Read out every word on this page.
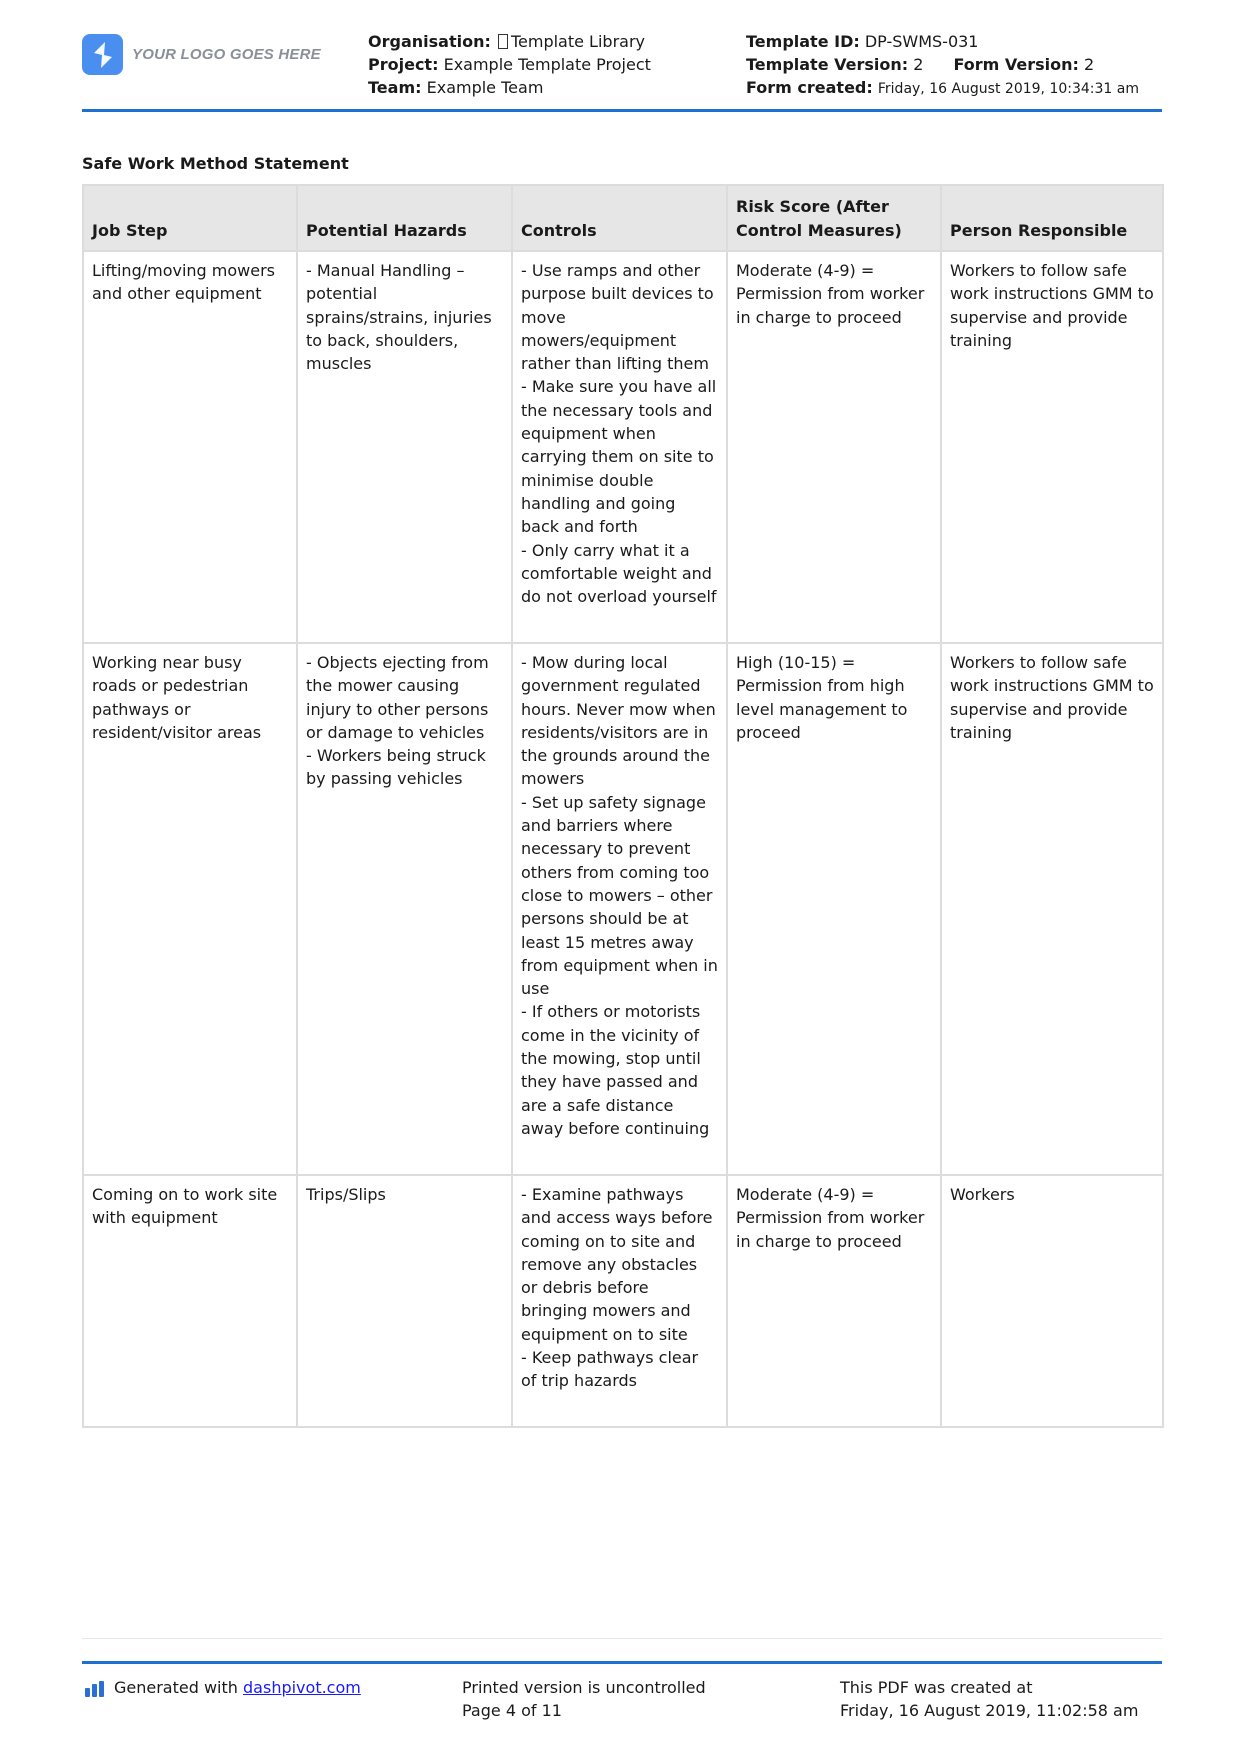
YOUR LOGO GOES HERE
Organisation: Template Library
Project: Example Template Project
Team: Example Team
Template ID: DP-SWMS-031
Template Version: 2 Form Version: 2
Form created: Friday, 16 August 2019, 10:34:31 am
Safe Work Method Statement
Job Step	Potential Hazards	Controls	Risk Score (After Control Measures)	Person Responsible
Lifting/moving mowers and other equipment	- Manual Handling – potential sprains/strains, injuries to back, shoulders, muscles	- Use ramps and other purpose built devices to move mowers/equipment rather than lifting them
- Make sure you have all the necessary tools and equipment when carrying them on site to minimise double handling and going back and forth
- Only carry what it a comfortable weight and do not overload yourself	Moderate (4-9) = Permission from worker in charge to proceed	Workers to follow safe work instructions GMM to supervise and provide training
Working near busy roads or pedestrian pathways or resident/visitor areas	- Objects ejecting from the mower causing injury to other persons or damage to vehicles
- Workers being struck by passing vehicles	- Mow during local government regulated hours. Never mow when residents/visitors are in the grounds around the mowers
- Set up safety signage and barriers where necessary to prevent others from coming too close to mowers – other persons should be at least 15 metres away from equipment when in use
- If others or motorists come in the vicinity of the mowing, stop until they have passed and are a safe distance away before continuing	High (10-15) = Permission from high level management to proceed	Workers to follow safe work instructions GMM to supervise and provide training
Coming on to work site with equipment	Trips/Slips	- Examine pathways and access ways before coming on to site and remove any obstacles or debris before bringing mowers and equipment on to site
- Keep pathways clear of trip hazards	Moderate (4-9) = Permission from worker in charge to proceed	Workers
Generated with dashpivot.com	Printed version is uncontrolled
Page 4 of 11
This PDF was created at
Friday, 16 August 2019, 11:02:58 am
